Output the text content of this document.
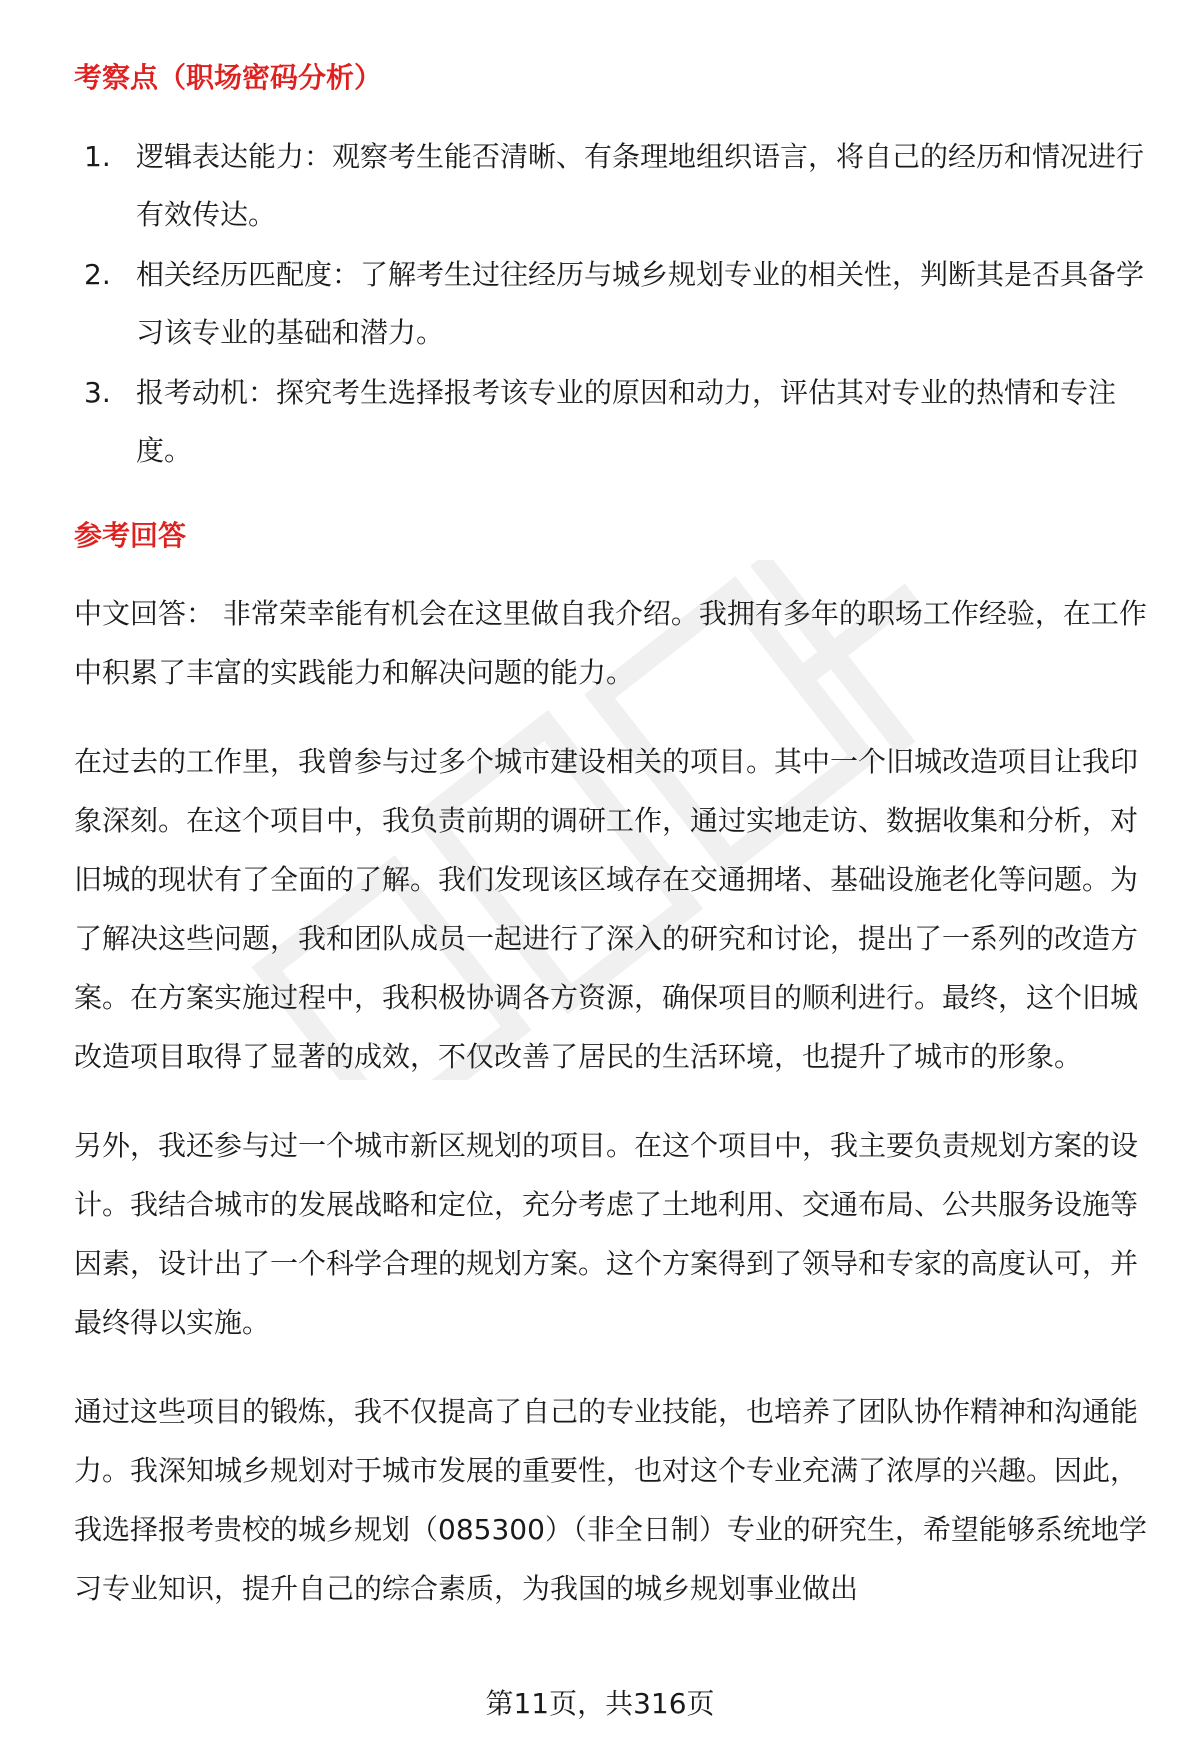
考察点（职场密码分析）
1. 逻辑表达能力：观察考生能否清晰、有条理地组织语言，将自己的经历和情况进行有效传达。
2. 相关经历匹配度：了解考生过往经历与城乡规划专业的相关性，判断其是否具备学习该专业的基础和潜力。
3. 报考动机：探究考生选择报考该专业的原因和动力，评估其对专业的热情和专注度。
参考回答

中文回答： 非常荣幸能有机会在这里做自我介绍。我拥有多年的职场工作经验，在工作中积累了丰富的实践能力和解决问题的能力。

在过去的工作里，我曾参与过多个城市建设相关的项目。其中一个旧城改造项目让我印象深刻。在这个项目中，我负责前期的调研工作，通过实地走访、数据收集和分析，对旧城的现状有了全面的了解。我们发现该区域存在交通拥堵、基础设施老化等问题。为了解决这些问题，我和团队成员一起进行了深入的研究和讨论，提出了一系列的改造方案。在方案实施过程中，我积极协调各方资源，确保项目的顺利进行。最终，这个旧城改造项目取得了显著的成效，不仅改善了居民的生活环境，也提升了城市的形象。

另外，我还参与过一个城市新区规划的项目。在这个项目中，我主要负责规划方案的设计。我结合城市的发展战略和定位，充分考虑了土地利用、交通布局、公共服务设施等因素，设计出了一个科学合理的规划方案。这个方案得到了领导和专家的高度认可，并最终得以实施。

通过这些项目的锻炼，我不仅提高了自己的专业技能，也培养了团队协作精神和沟通能力。我深知城乡规划对于城市发展的重要性，也对这个专业充满了浓厚的兴趣。因此，我选择报考贵校的城乡规划（085300）（非全日制）专业的研究生，希望能够系统地学习专业知识，提升自己的综合素质，为我国的城乡规划事业做出

第11页，共316页
